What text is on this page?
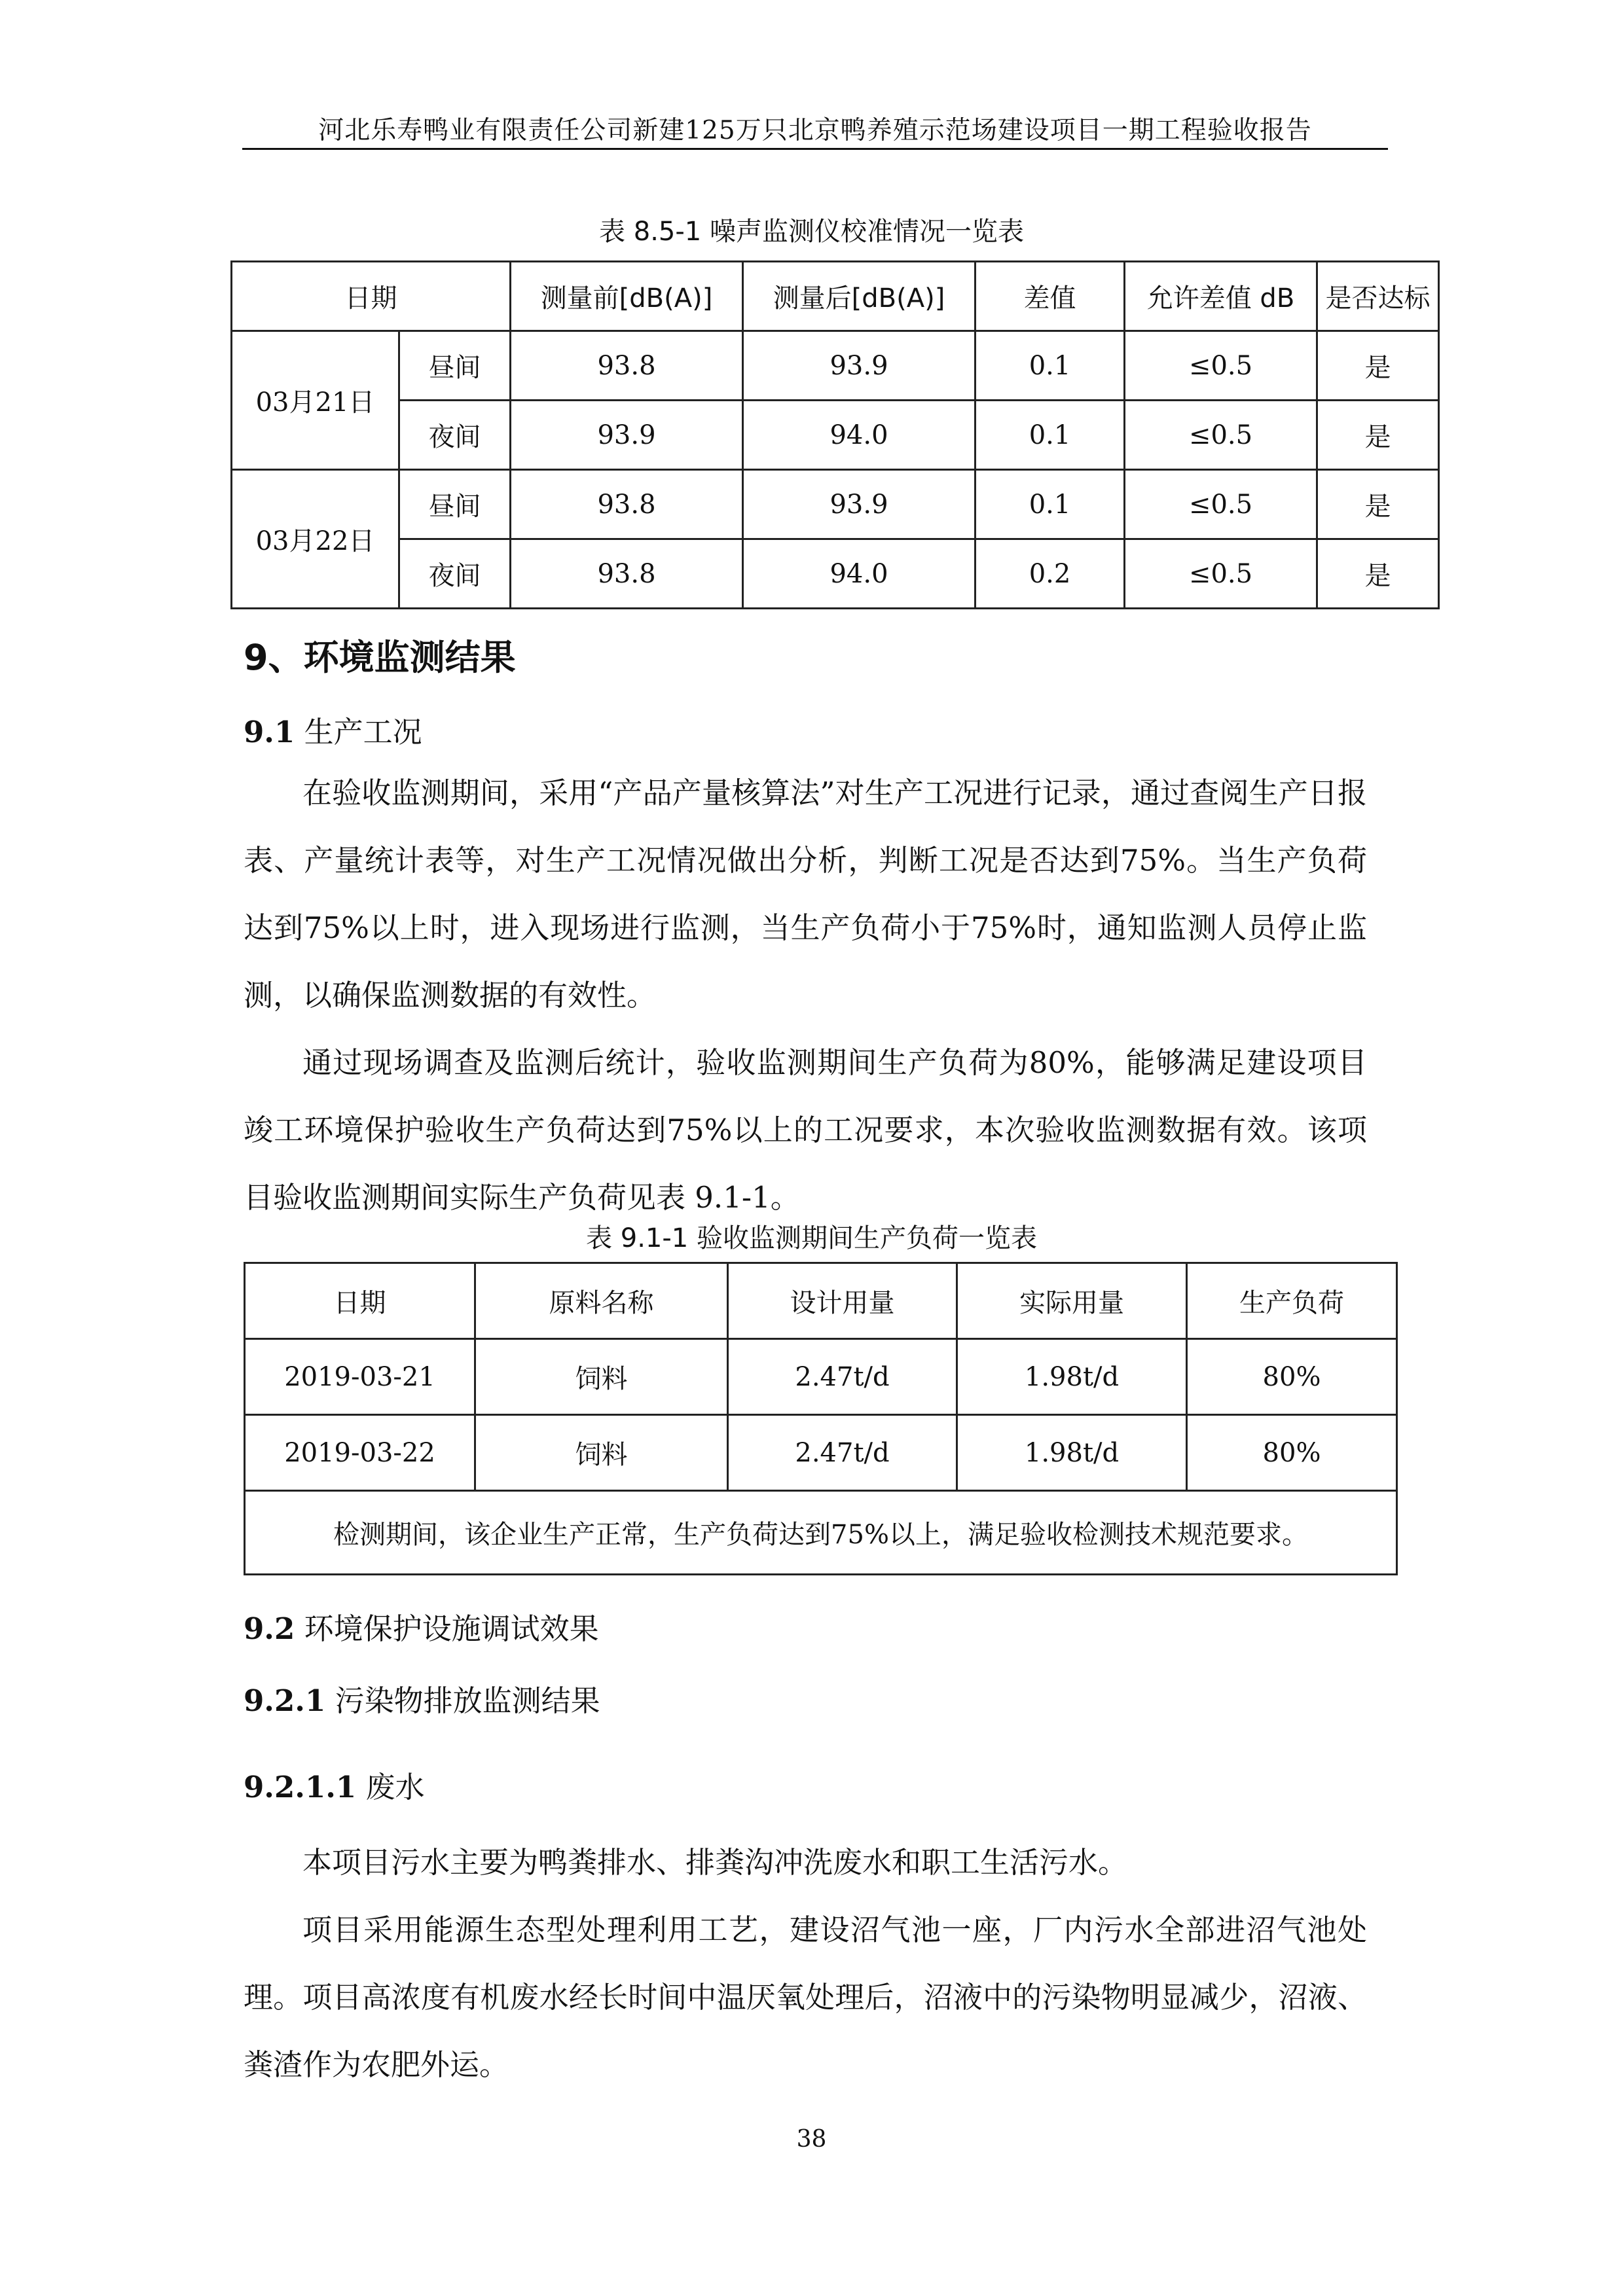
河北乐寿鸭业有限责任公司新建125万只北京鸭养殖示范场建设项目一期工程验收报告
表 8.5-1 噪声监测仪校准情况一览表
日期		测量前[dB(A)]	测量后[dB(A)]	差值	允许差值 dB	是否达标
03月21日	昼间	93.8	93.9	0.1	≤0.5	是
	夜间	93.9	94.0	0.1	≤0.5	是
03月22日	昼间	93.8	93.9	0.1	≤0.5	是
	夜间	93.8	94.0	0.2	≤0.5	是
9、环境监测结果
9.1 生产工况
在验收监测期间，采用“产品产量核算法”对生产工况进行记录，通过查阅生产日报表、产量统计表等，对生产工况情况做出分析，判断工况是否达到75%。当生产负荷达到75%以上时，进入现场进行监测，当生产负荷小于75%时，通知监测人员停止监测，以确保监测数据的有效性。
通过现场调查及监测后统计，验收监测期间生产负荷为80%，能够满足建设项目竣工环境保护验收生产负荷达到75%以上的工况要求，本次验收监测数据有效。该项目验收监测期间实际生产负荷见表 9.1-1。
表 9.1-1 验收监测期间生产负荷一览表
日期	原料名称	设计用量	实际用量	生产负荷
2019-03-21	饲料	2.47t/d	1.98t/d	80%
2019-03-22	饲料	2.47t/d	1.98t/d	80%
检测期间，该企业生产正常，生产负荷达到75%以上，满足验收检测技术规范要求。				
9.2 环境保护设施调试效果
9.2.1 污染物排放监测结果
9.2.1.1 废水
本项目污水主要为鸭粪排水、排粪沟冲洗废水和职工生活污水。
项目采用能源生态型处理利用工艺，建设沼气池一座，厂内污水全部进沼气池处理。项目高浓度有机废水经长时间中温厌氧处理后，沼液中的污染物明显减少，沼液、粪渣作为农肥外运。
38
